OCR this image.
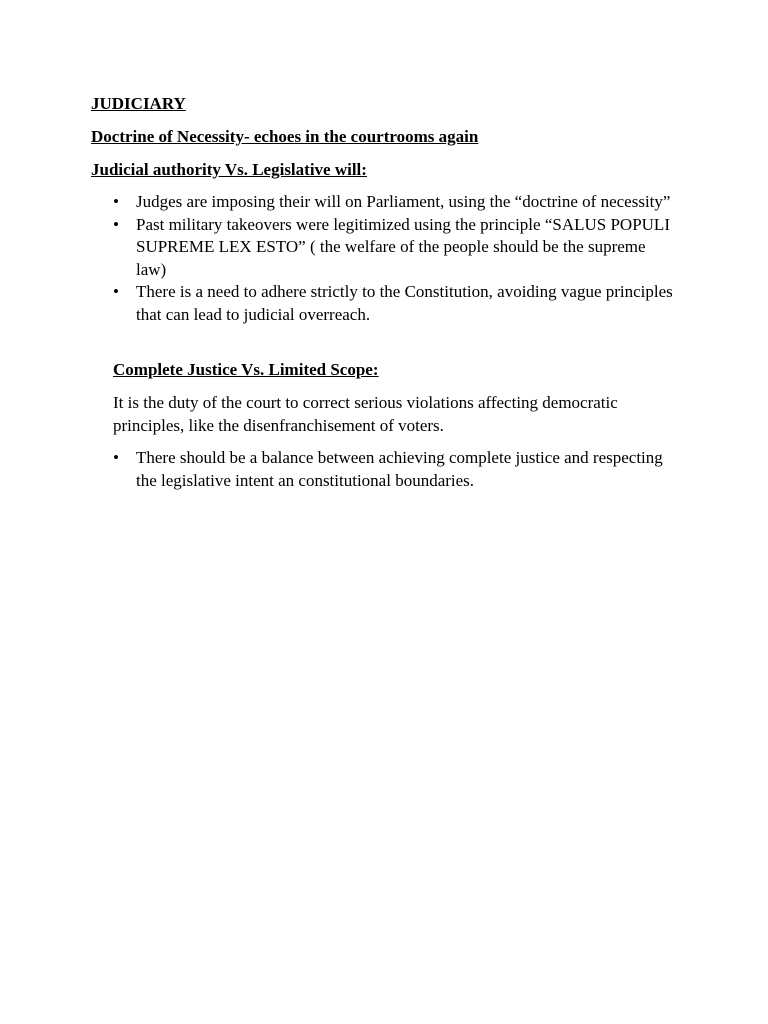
JUDICIARY
Doctrine of Necessity- echoes in the courtrooms again
Judicial authority Vs. Legislative will:
• Judges are imposing their will on Parliament, using the “doctrine of necessity”
• Past military takeovers were legitimized using the principle “SALUS POPULI SUPREME LEX ESTO” ( the welfare of the people should be the supreme law)
• There is a need to adhere strictly to the Constitution, avoiding vague principles that can lead to judicial overreach.
Complete Justice Vs. Limited Scope:
It is the duty of the court to correct serious violations affecting democratic principles, like the disenfranchisement of voters.
• There should be a balance between achieving complete justice and respecting the legislative intent an constitutional boundaries.
